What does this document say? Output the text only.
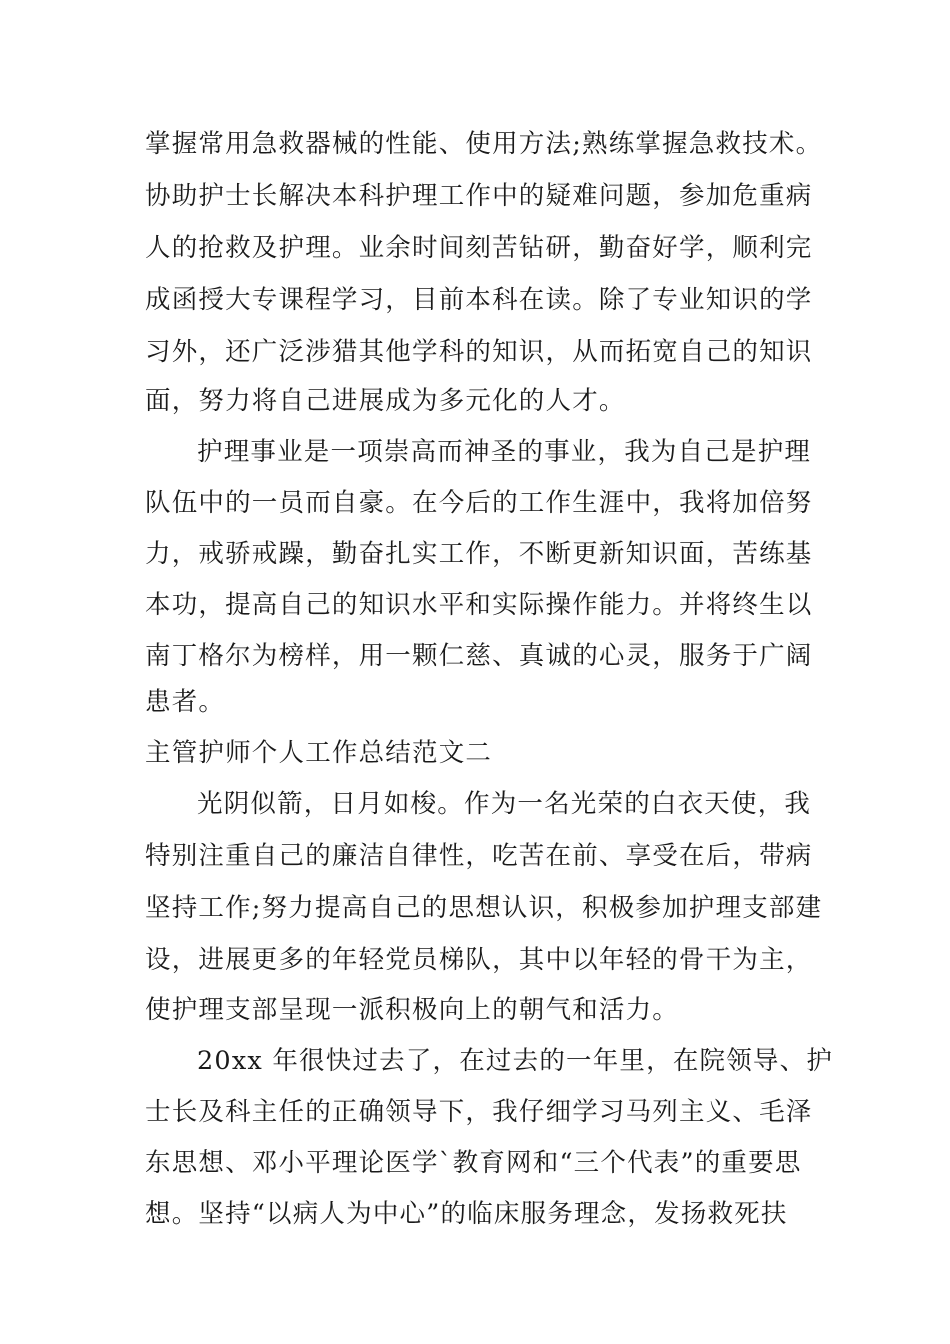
掌握常用急救器械的性能、使用方法;熟练掌握急救技术。
协助护士长解决本科护理工作中的疑难问题，参加危重病
人的抢救及护理。业余时间刻苦钻研，勤奋好学，顺利完
成函授大专课程学习，目前本科在读。除了专业知识的学
习外，还广泛涉猎其他学科的知识，从而拓宽自己的知识
面，努力将自己进展成为多元化的人才。
护理事业是一项崇高而神圣的事业，我为自己是护理
队伍中的一员而自豪。在今后的工作生涯中，我将加倍努
力，戒骄戒躁，勤奋扎实工作，不断更新知识面，苦练基
本功，提高自己的知识水平和实际操作能力。并将终生以
南丁格尔为榜样，用一颗仁慈、真诚的心灵，服务于广阔
患者。
主管护师个人工作总结范文二
光阴似箭，日月如梭。作为一名光荣的白衣天使，我
特别注重自己的廉洁自律性，吃苦在前、享受在后，带病
坚持工作;努力提高自己的思想认识，积极参加护理支部建
设，进展更多的年轻党员梯队，其中以年轻的骨干为主，
使护理支部呈现一派积极向上的朝气和活力。
20xx 年很快过去了，在过去的一年里，在院领导、护
士长及科主任的正确领导下，我仔细学习马列主义、毛泽
东思想、邓小平理论医学`教育网和“三个代表”的重要思
想。坚持“以病人为中心”的临床服务理念，发扬救死扶
